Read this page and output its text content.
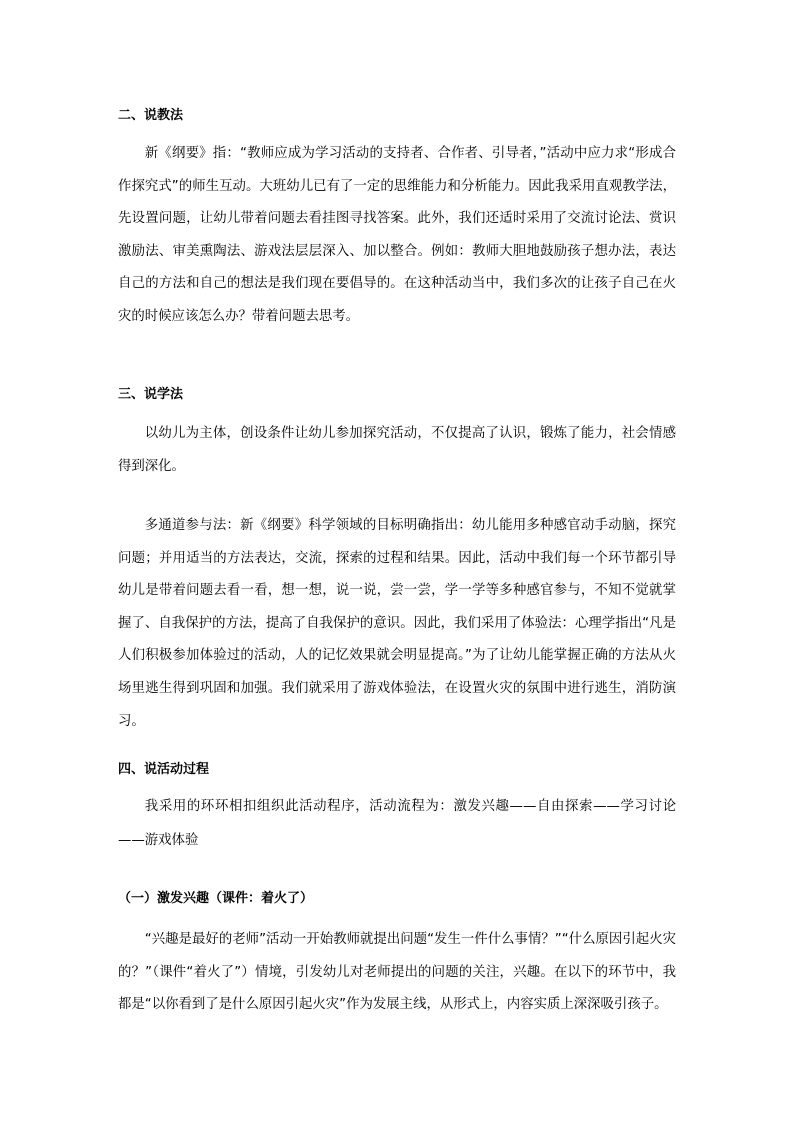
二、说教法

新《纲要》指：“教师应成为学习活动的支持者、合作者、引导者，”活动中应力求“形成合作探究式”的师生互动。大班幼儿已有了一定的思维能力和分析能力。因此我采用直观教学法，先设置问题，让幼儿带着问题去看挂图寻找答案。此外，我们还适时采用了交流讨论法、赏识激励法、审美熏陶法、游戏法层层深入、加以整合。例如：教师大胆地鼓励孩子想办法，表达自己的方法和自己的想法是我们现在要倡导的。在这种活动当中，我们多次的让孩子自己在火灾的时候应该怎么办？带着问题去思考。

三、说学法

以幼儿为主体，创设条件让幼儿参加探究活动，不仅提高了认识，锻炼了能力，社会情感得到深化。

多通道参与法：新《纲要》科学领域的目标明确指出：幼儿能用多种感官动手动脑，探究问题；并用适当的方法表达，交流，探索的过程和结果。因此，活动中我们每一个环节都引导幼儿是带着问题去看一看，想一想，说一说，尝一尝，学一学等多种感官参与，不知不觉就掌握了、自我保护的方法，提高了自我保护的意识。因此，我们采用了体验法：心理学指出“凡是人们积极参加体验过的活动，人的记忆效果就会明显提高。”为了让幼儿能掌握正确的方法从火场里逃生得到巩固和加强。我们就采用了游戏体验法，在设置火灾的氛围中进行逃生，消防演习。

四、说活动过程

我采用的环环相扣组织此活动程序，活动流程为：激发兴趣——自由探索——学习讨论——游戏体验

（一）激发兴趣（课件：着火了）

“兴趣是最好的老师”活动一开始教师就提出问题“发生一件什么事情？”“什么原因引起火灾的？”（课件“着火了”）情境，引发幼儿对老师提出的问题的关注，兴趣。在以下的环节中，我都是“以你看到了是什么原因引起火灾”作为发展主线，从形式上，内容实质上深深吸引孩子。
